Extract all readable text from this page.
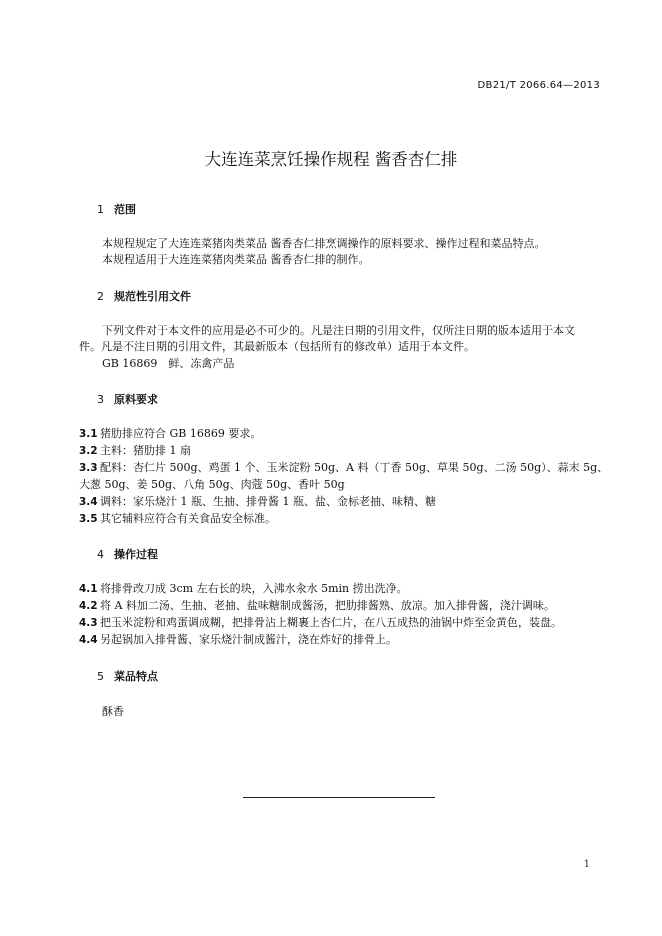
DB21/T 2066.64—2013
大连连菜烹饪操作规程 酱香杏仁排
1 范围
本规程规定了大连连菜猪肉类菜品 酱香杏仁排烹调操作的原料要求、操作过程和菜品特点。
本规程适用于大连连菜猪肉类菜品 酱香杏仁排的制作。
2 规范性引用文件
下列文件对于本文件的应用是必不可少的。凡是注日期的引用文件，仅所注日期的版本适用于本文
件。凡是不注日期的引用文件，其最新版本（包括所有的修改单）适用于本文件。
GB 16869　鲜、冻禽产品
3 原料要求
3.1 猪肋排应符合 GB 16869 要求。
3.2 主料：猪肋排 1 扇
3.3 配料：杏仁片 500g、鸡蛋 1 个、玉米淀粉 50g、A 料（丁香 50g、草果 50g、二汤 50g）、蒜末 5g、
大葱 50g、姜 50g、八角 50g、肉蔻 50g、香叶 50g
3.4 调料：家乐烧汁 1 瓶、生抽、排骨酱 1 瓶、盐、金标老抽、味精、糖
3.5 其它辅料应符合有关食品安全标准。
4 操作过程
4.1 将排骨改刀成 3cm 左右长的块，入沸水汆水 5min 捞出洗净。
4.2 将 A 料加二汤、生抽、老抽、盐味糖制成酱汤，把肋排酱熟、放凉。加入排骨酱，浇汁调味。
4.3 把玉米淀粉和鸡蛋调成糊，把排骨沾上糊裹上杏仁片，在八五成热的油锅中炸至金黄色，装盘。
4.4 另起锅加入排骨酱、家乐烧汁制成酱汁，浇在炸好的排骨上。
5 菜品特点
酥香
1
